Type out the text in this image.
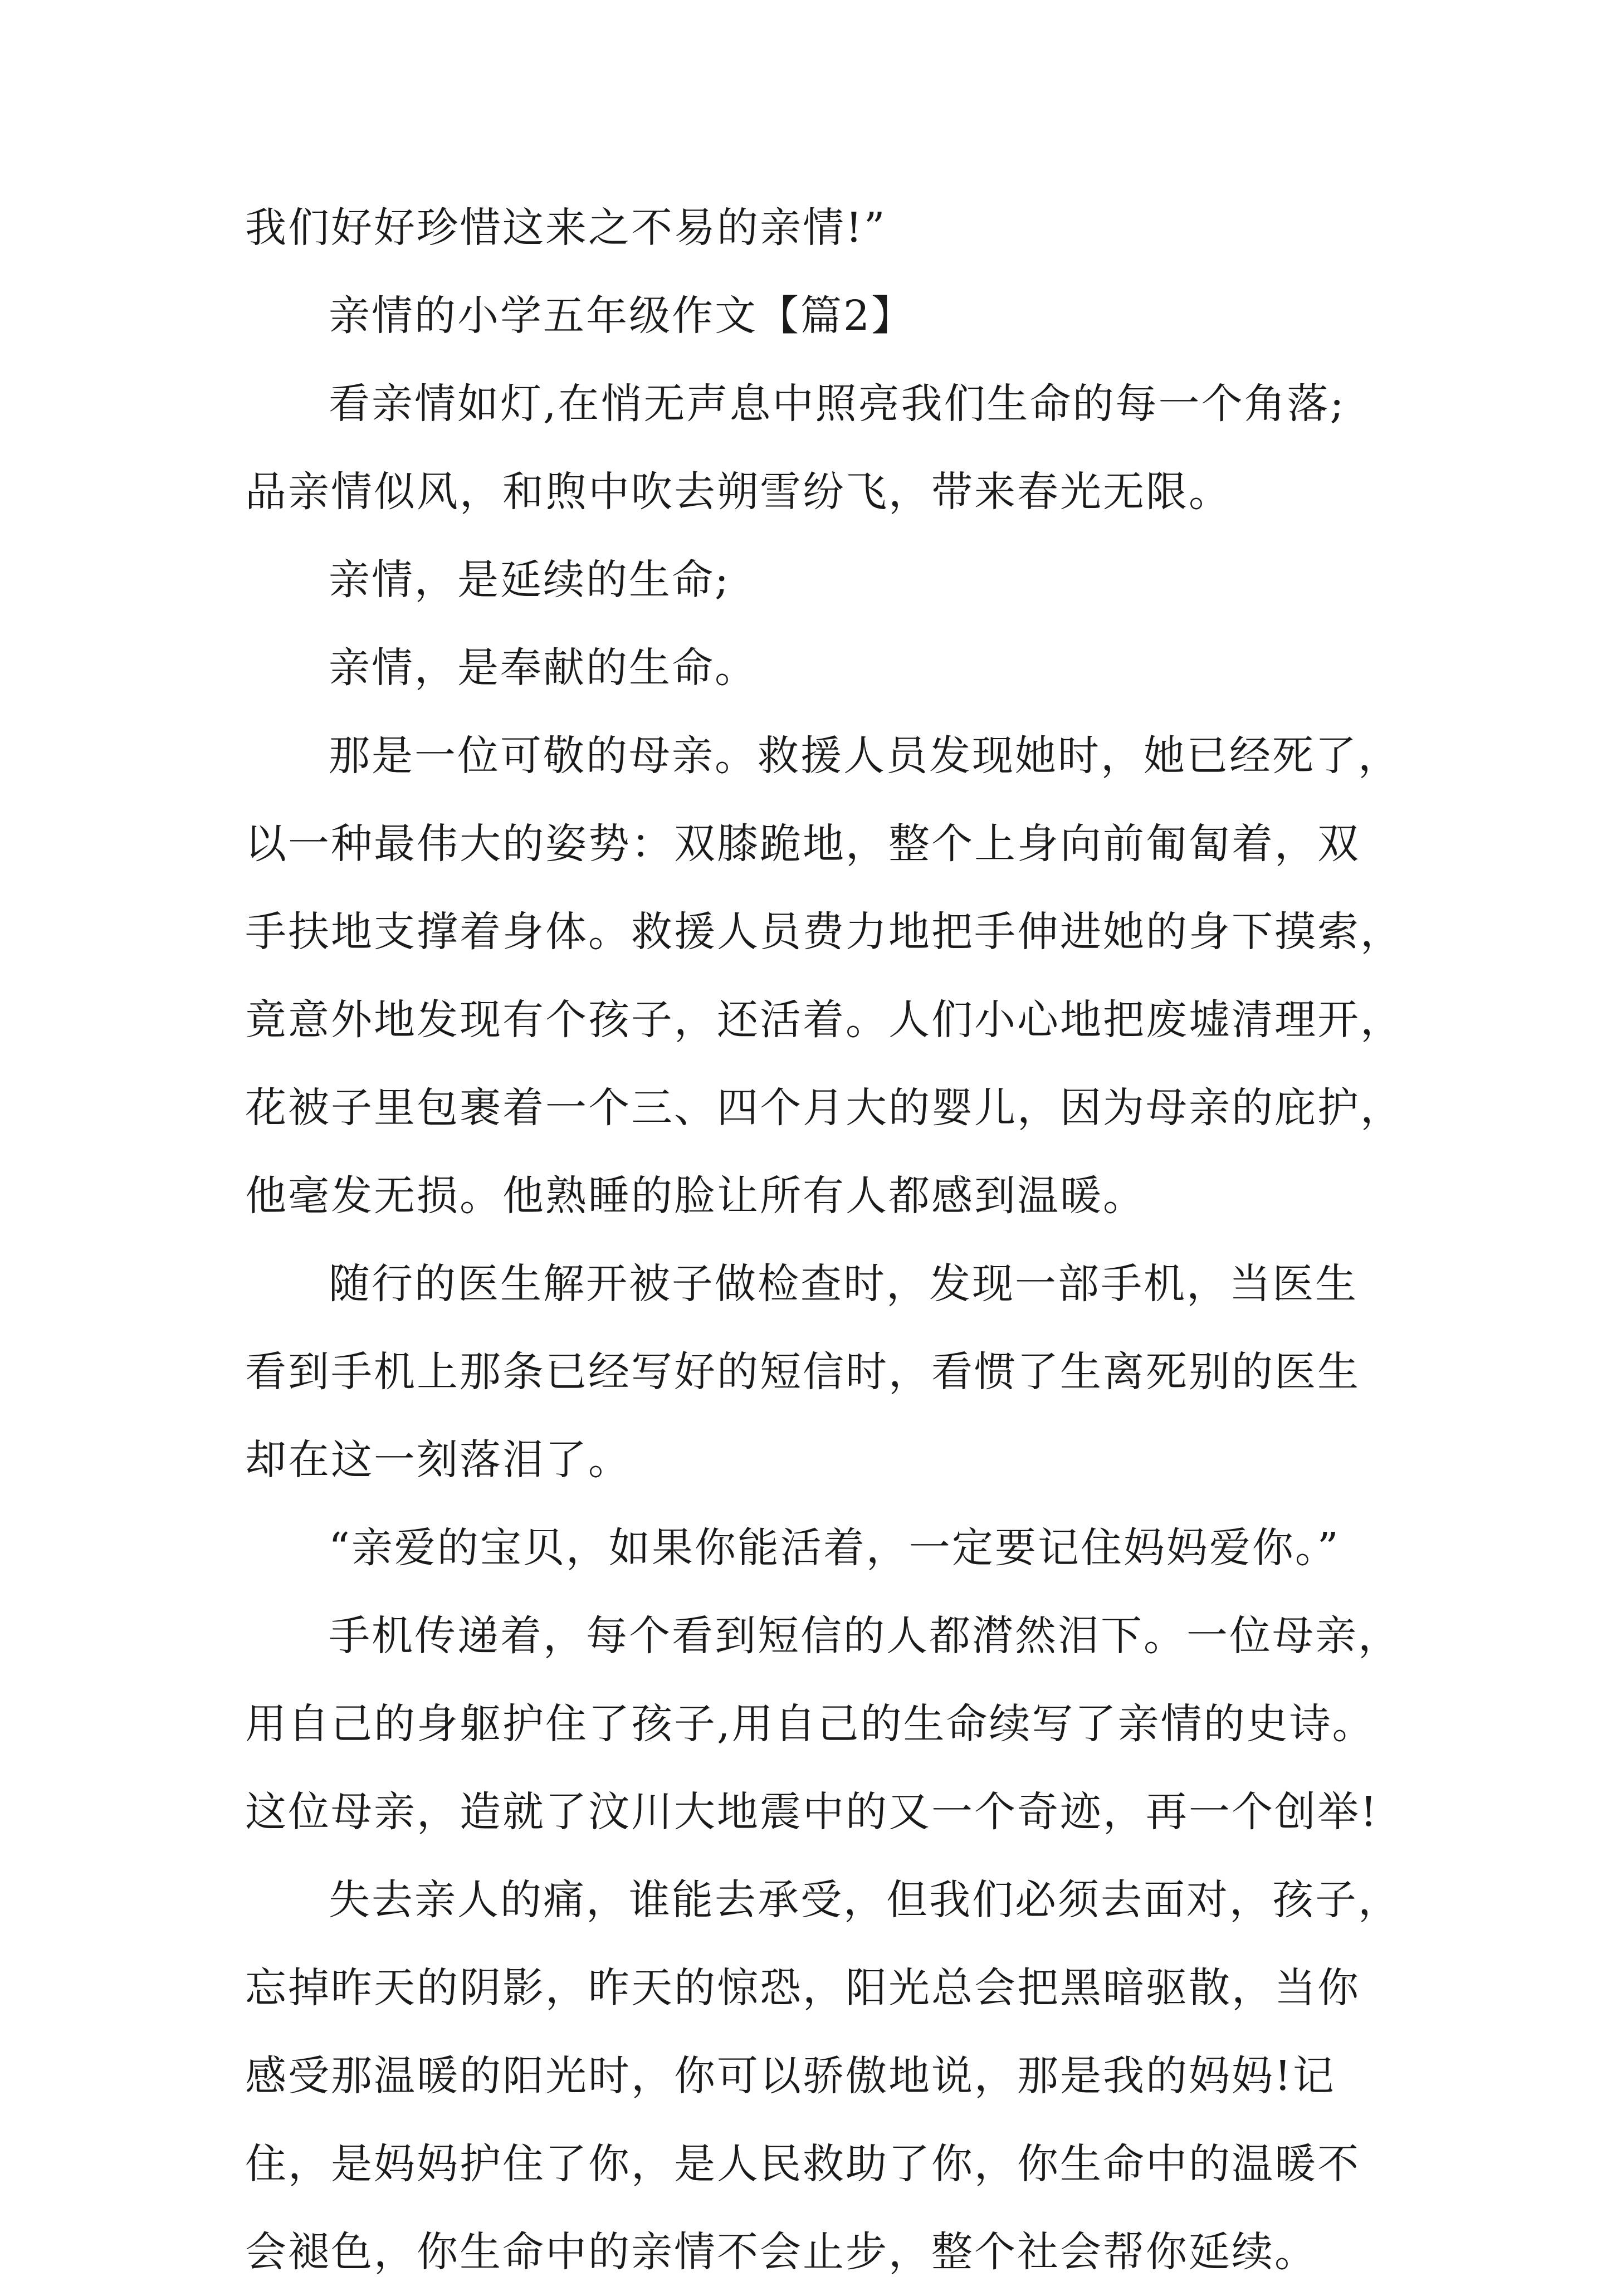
我们好好珍惜这来之不易的亲情!”
亲情的小学五年级作文【篇2】
看亲情如灯,在悄无声息中照亮我们生命的每一个角落;
品亲情似风，和煦中吹去朔雪纷飞，带来春光无限。
亲情，是延续的生命;
亲情，是奉献的生命。
那是一位可敬的母亲。救援人员发现她时，她已经死了，
以一种最伟大的姿势：双膝跪地，整个上身向前匍匐着，双
手扶地支撑着身体。救援人员费力地把手伸进她的身下摸索，
竟意外地发现有个孩子，还活着。人们小心地把废墟清理开，
花被子里包裹着一个三、四个月大的婴儿，因为母亲的庇护，
他毫发无损。他熟睡的脸让所有人都感到温暖。
随行的医生解开被子做检查时，发现一部手机，当医生
看到手机上那条已经写好的短信时，看惯了生离死别的医生
却在这一刻落泪了。
“亲爱的宝贝，如果你能活着，一定要记住妈妈爱你。”
手机传递着，每个看到短信的人都潸然泪下。一位母亲，
用自己的身躯护住了孩子,用自己的生命续写了亲情的史诗。
这位母亲，造就了汶川大地震中的又一个奇迹，再一个创举!
失去亲人的痛，谁能去承受，但我们必须去面对，孩子，
忘掉昨天的阴影，昨天的惊恐，阳光总会把黑暗驱散，当你
感受那温暖的阳光时，你可以骄傲地说，那是我的妈妈!记
住，是妈妈护住了你，是人民救助了你，你生命中的温暖不
会褪色，你生命中的亲情不会止步，整个社会帮你延续。
